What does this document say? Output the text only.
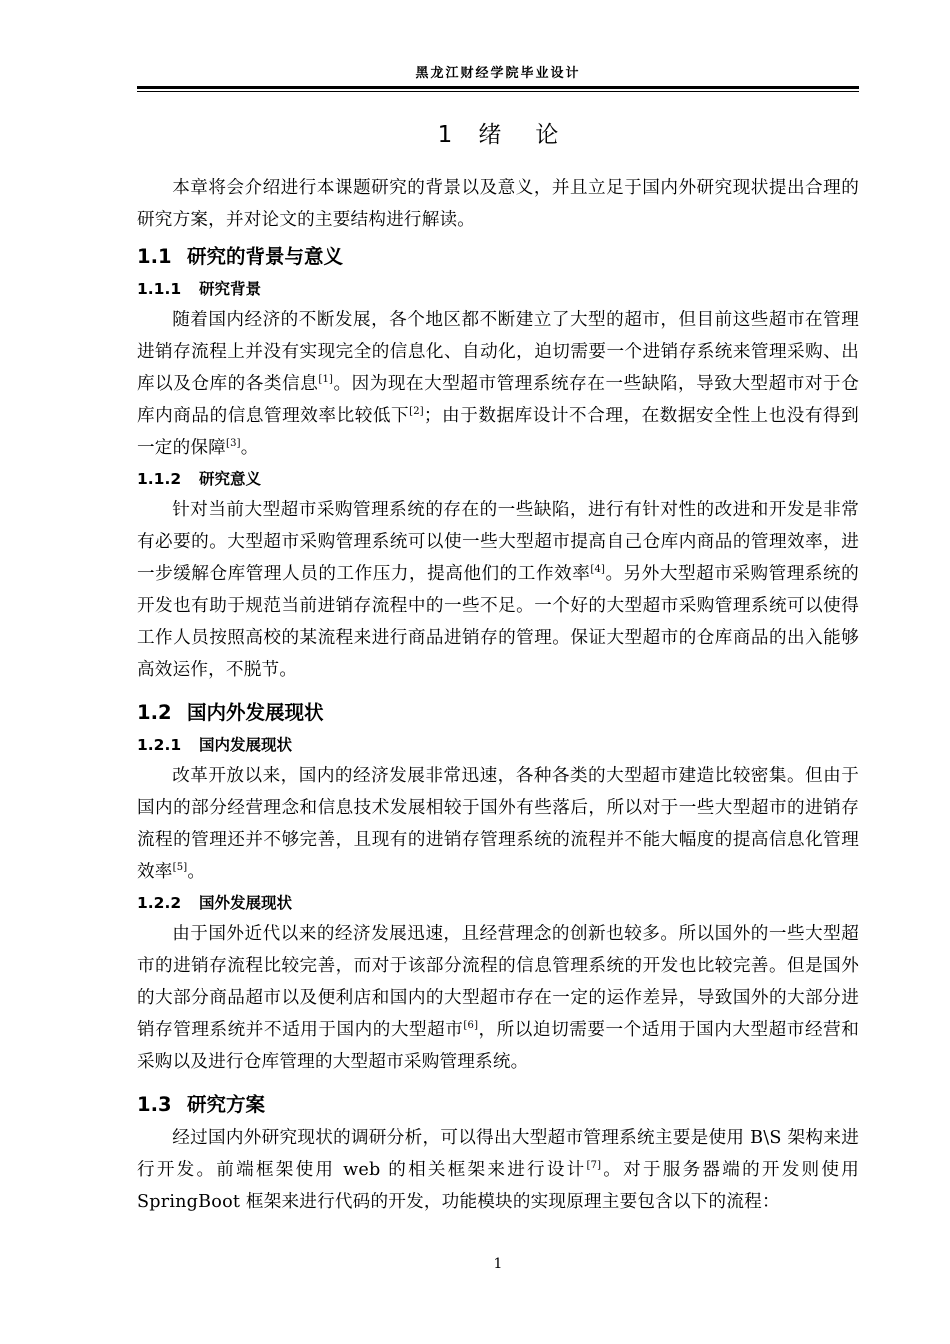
黑龙江财经学院毕业设计
1 绪 论

本章将会介绍进行本课题研究的背景以及意义，并且立足于国内外研究现状提出合理的研究方案，并对论文的主要结构进行解读。

1.1 研究的背景与意义
1.1.1 研究背景

随着国内经济的不断发展，各个地区都不断建立了大型的超市，但目前这些超市在管理进销存流程上并没有实现完全的信息化、自动化，迫切需要一个进销存系统来管理采购、出库以及仓库的各类信息[1]。因为现在大型超市管理系统存在一些缺陷，导致大型超市对于仓库内商品的信息管理效率比较低下[2]；由于数据库设计不合理，在数据安全性上也没有得到一定的保障[3]。

1.1.2 研究意义

针对当前大型超市采购管理系统的存在的一些缺陷，进行有针对性的改进和开发是非常有必要的。大型超市采购管理系统可以使一些大型超市提高自己仓库内商品的管理效率，进一步缓解仓库管理人员的工作压力，提高他们的工作效率[4]。另外大型超市采购管理系统的开发也有助于规范当前进销存流程中的一些不足。一个好的大型超市采购管理系统可以使得工作人员按照高校的某流程来进行商品进销存的管理。保证大型超市的仓库商品的出入能够高效运作，不脱节。

1.2 国内外发展现状
1.2.1 国内发展现状

改革开放以来，国内的经济发展非常迅速，各种各类的大型超市建造比较密集。但由于国内的部分经营理念和信息技术发展相较于国外有些落后，所以对于一些大型超市的进销存流程的管理还并不够完善，且现有的进销存管理系统的流程并不能大幅度的提高信息化管理效率[5]。

1.2.2 国外发展现状

由于国外近代以来的经济发展迅速，且经营理念的创新也较多。所以国外的一些大型超市的进销存流程比较完善，而对于该部分流程的信息管理系统的开发也比较完善。但是国外的大部分商品超市以及便利店和国内的大型超市存在一定的运作差异，导致国外的大部分进销存管理系统并不适用于国内的大型超市[6]，所以迫切需要一个适用于国内大型超市经营和采购以及进行仓库管理的大型超市采购管理系统。

1.3 研究方案

经过国内外研究现状的调研分析，可以得出大型超市管理系统主要是使用 B\S 架构来进行开发。前端框架使用 web 的相关框架来进行设计[7]。对于服务器端的开发则使用 SpringBoot 框架来进行代码的开发，功能模块的实现原理主要包含以下的流程：

1
